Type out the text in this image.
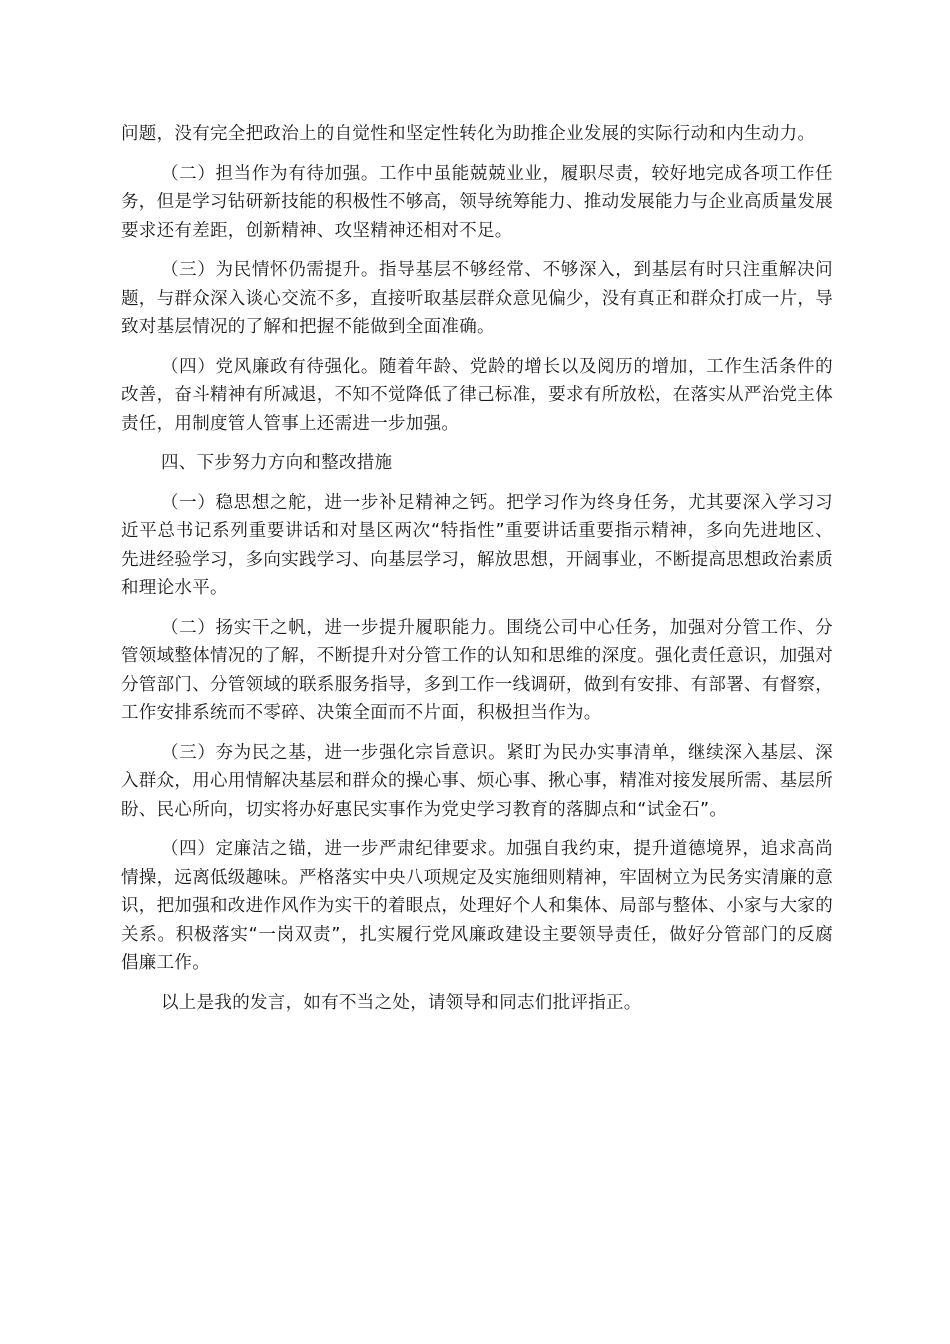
问题，没有完全把政治上的自觉性和坚定性转化为助推企业发展的实际行动和内生动力。

（二）担当作为有待加强。工作中虽能兢兢业业，履职尽责，较好地完成各项工作任务，但是学习钻研新技能的积极性不够高，领导统筹能力、推动发展能力与企业高质量发展要求还有差距，创新精神、攻坚精神还相对不足。

（三）为民情怀仍需提升。指导基层不够经常、不够深入，到基层有时只注重解决问题，与群众深入谈心交流不多，直接听取基层群众意见偏少，没有真正和群众打成一片，导致对基层情况的了解和把握不能做到全面准确。

（四）党风廉政有待强化。随着年龄、党龄的增长以及阅历的增加，工作生活条件的改善，奋斗精神有所减退，不知不觉降低了律己标准，要求有所放松，在落实从严治党主体责任，用制度管人管事上还需进一步加强。

四、下步努力方向和整改措施

（一）稳思想之舵，进一步补足精神之钙。把学习作为终身任务，尤其要深入学习习近平总书记系列重要讲话和对垦区两次“特指性”重要讲话重要指示精神，多向先进地区、先进经验学习，多向实践学习、向基层学习，解放思想，开阔事业，不断提高思想政治素质和理论水平。

（二）扬实干之帆，进一步提升履职能力。围绕公司中心任务，加强对分管工作、分管领域整体情况的了解，不断提升对分管工作的认知和思维的深度。强化责任意识，加强对分管部门、分管领域的联系服务指导，多到工作一线调研，做到有安排、有部署、有督察，工作安排系统而不零碎、决策全面而不片面，积极担当作为。

（三）夯为民之基，进一步强化宗旨意识。紧盯为民办实事清单，继续深入基层、深入群众，用心用情解决基层和群众的操心事、烦心事、揪心事，精准对接发展所需、基层所盼、民心所向，切实将办好惠民实事作为党史学习教育的落脚点和“试金石”。

（四）定廉洁之锚，进一步严肃纪律要求。加强自我约束，提升道德境界，追求高尚情操，远离低级趣味。严格落实中央八项规定及实施细则精神，牢固树立为民务实清廉的意识，把加强和改进作风作为实干的着眼点，处理好个人和集体、局部与整体、小家与大家的关系。积极落实“一岗双责”，扎实履行党风廉政建设主要领导责任，做好分管部门的反腐倡廉工作。

以上是我的发言，如有不当之处，请领导和同志们批评指正。
